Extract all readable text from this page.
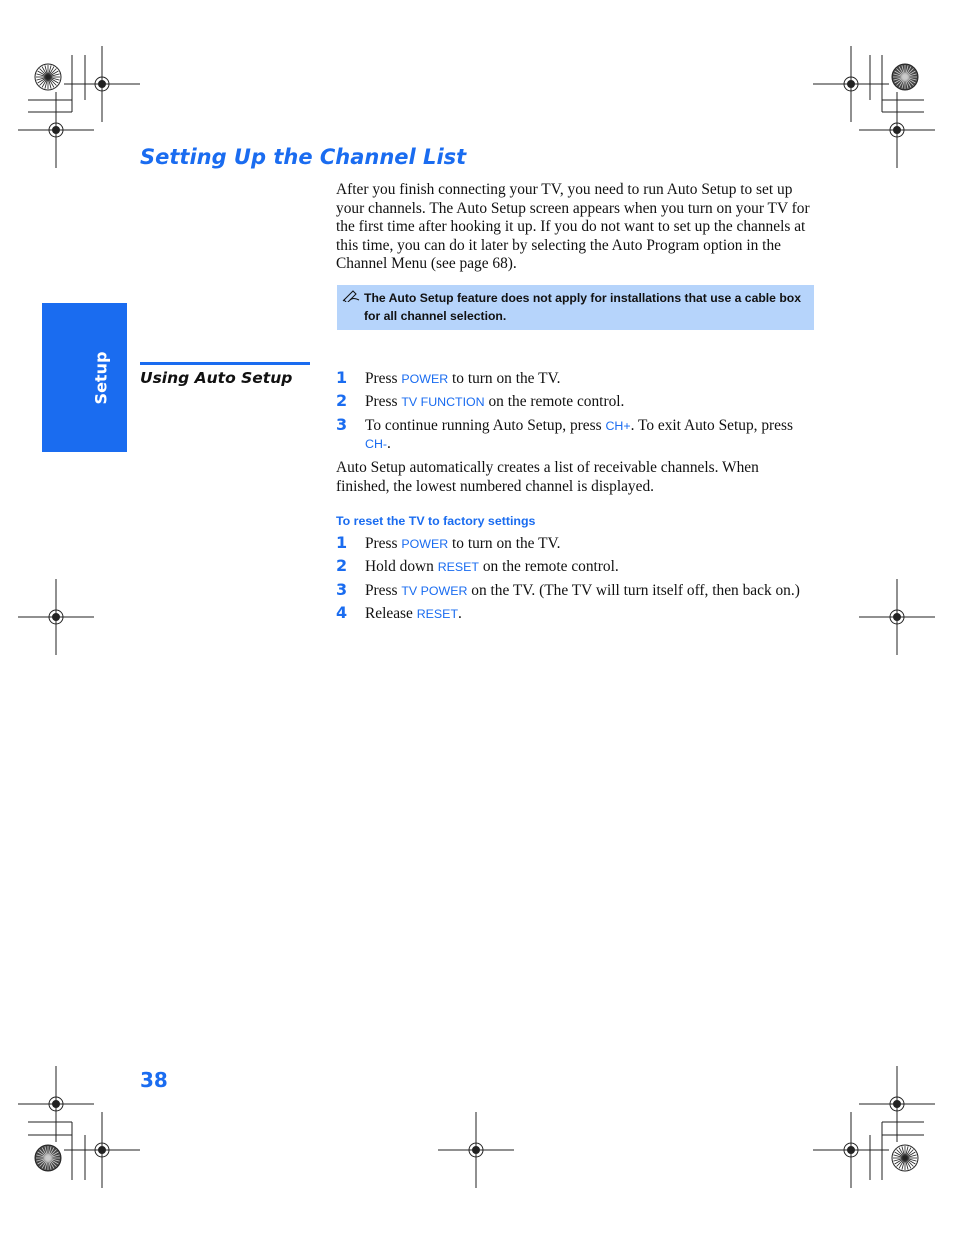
Setting Up the Channel List

After you finish connecting your TV, you need to run Auto Setup to set up your channels. The Auto Setup screen appears when you turn on your TV for the first time after hooking it up. If you do not want to set up the channels at this time, you can do it later by selecting the Auto Program option in the Channel Menu (see page 68).

The Auto Setup feature does not apply for installations that use a cable box for all channel selection.
Setup Using Auto Setup	1 Press POWER to turn on the TV.
2 Press TV FUNCTION on the remote control.
3 To continue running Auto Setup, press CH+. To exit Auto Setup, press CH-.

Auto Setup automatically creates a list of receivable channels. When finished, the lowest numbered channel is displayed.

To reset the TV to factory settings
1 Press POWER to turn on the TV.
2 Hold down RESET on the remote control.
3 Press TV POWER on the TV. (The TV will turn itself off, then back on.)
4 Release RESET.
38
